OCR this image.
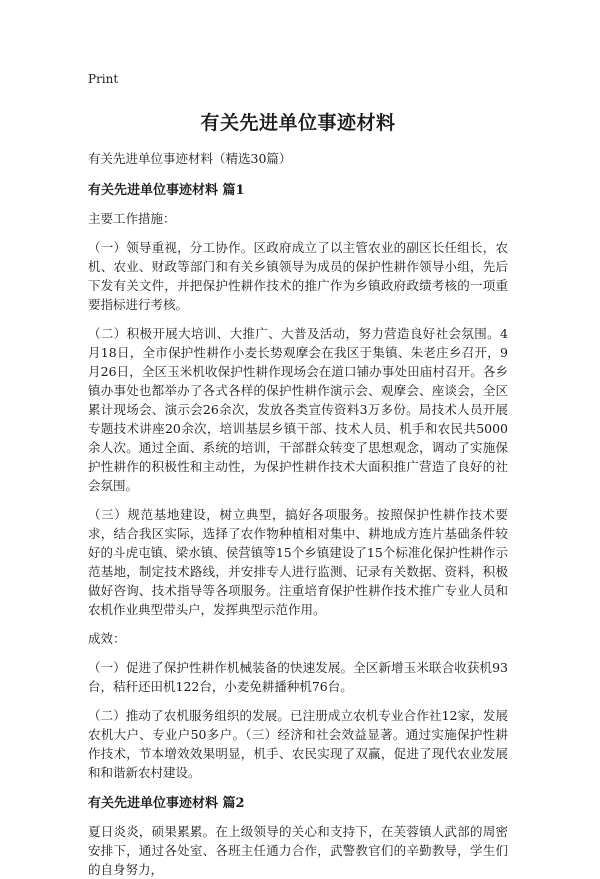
Print
有关先进单位事迹材料

有关先进单位事迹材料（精选30篇）

有关先进单位事迹材料 篇1

主要工作措施：

（一）领导重视，分工协作。区政府成立了以主管农业的副区长任组长，农机、农业、财政等部门和有关乡镇领导为成员的保护性耕作领导小组，先后下发有关文件，并把保护性耕作技术的推广作为乡镇政府政绩考核的一项重要指标进行考核。

（二）积极开展大培训、大推广、大普及活动，努力营造良好社会氛围。4月18日，全市保护性耕作小麦长势观摩会在我区于集镇、朱老庄乡召开，9月26日，全区玉米机收保护性耕作现场会在道口铺办事处田庙村召开。各乡镇办事处也都举办了各式各样的保护性耕作演示会、观摩会、座谈会，全区累计现场会、演示会26余次，发放各类宣传资料3万多份。局技术人员开展专题技术讲座20余次，培训基层乡镇干部、技术人员、机手和农民共5000余人次。通过全面、系统的培训，干部群众转变了思想观念，调动了实施保护性耕作的积极性和主动性，为保护性耕作技术大面积推广营造了良好的社会氛围。

（三）规范基地建设，树立典型，搞好各项服务。按照保护性耕作技术要求，结合我区实际，选择了农作物种植相对集中、耕地成方连片基础条件较好的斗虎屯镇、梁水镇、侯营镇等15个乡镇建设了15个标准化保护性耕作示范基地，制定技术路线，并安排专人进行监测、记录有关数据、资料，积极做好咨询、技术指导等各项服务。注重培育保护性耕作技术推广专业人员和农机作业典型带头户，发挥典型示范作用。

成效：

（一）促进了保护性耕作机械装备的快速发展。全区新增玉米联合收获机93台，秸秆还田机122台，小麦免耕播种机76台。

（二）推动了农机服务组织的发展。已注册成立农机专业合作社12家，发展农机大户、专业户50多户。（三）经济和社会效益显著。通过实施保护性耕作技术，节本增效效果明显，机手、农民实现了双赢，促进了现代农业发展和和谐新农村建设。

有关先进单位事迹材料 篇2

夏日炎炎，硕果累累。在上级领导的关心和支持下，在芙蓉镇人武部的周密安排下，通过各处室、各班主任通力合作，武警教官们的辛勤教导，学生们的自身努力，
